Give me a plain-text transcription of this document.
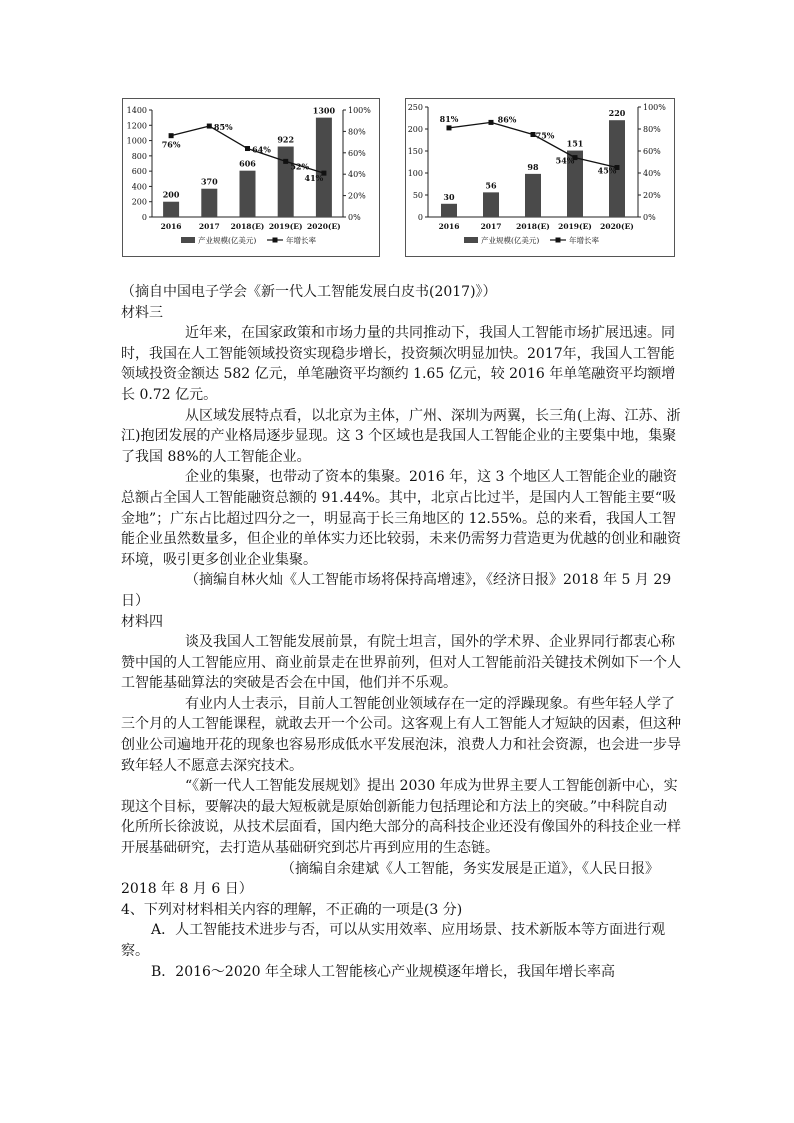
0
200
400
600
800
1000
1200
1400
0%
20%
40%
60%
80%
100%
200
2016
370
2017
606
2018(E)
922
2019(E)
1300
2020(E)
76%
85%
64%
52%
41%
产业规模(亿美元)	年增长率
0
50
100
150
200
250
0%
20%
40%
60%
80%
100%
30
2016
56
2017
98
2018(E)
151
2019(E)
220
2020(E)
81%	86%
75%
54%
45%
产业规模(亿美元)	年增长率

（摘自中国电子学会《新一代人工智能发展白皮书(2017)》）

材料三

近年来，在国家政策和市场力量的共同推动下，我国人工智能市场扩展迅速。同时，我国在人工智能领域投资实现稳步增长，投资频次明显加快。2017年，我国人工智能领域投资金额达 582 亿元，单笔融资平均额约 1.65 亿元，较 2016 年单笔融资平均额增长 0.72 亿元。

从区域发展特点看，以北京为主体，广州、深圳为两翼，长三角(上海、江苏、浙江)抱团发展的产业格局逐步显现。这 3 个区域也是我国人工智能企业的主要集中地，集聚了我国 88%的人工智能企业。

企业的集聚，也带动了资本的集聚。2016 年，这 3 个地区人工智能企业的融资总额占全国人工智能融资总额的 91.44%。其中，北京占比过半，是国内人工智能主要“吸金地”；广东占比超过四分之一，明显高于长三角地区的 12.55%。总的来看，我国人工智能企业虽然数量多，但企业的单体实力还比较弱，未来仍需努力营造更为优越的创业和融资环境，吸引更多创业企业集聚。

（摘编自林火灿《人工智能市场将保持高增速》，《经济日报》2018 年 5 月 29 日）

材料四

谈及我国人工智能发展前景，有院士坦言，国外的学术界、企业界同行都衷心称赞中国的人工智能应用、商业前景走在世界前列，但对人工智能前沿关键技术例如下一个人工智能基础算法的突破是否会在中国，他们并不乐观。

有业内人士表示，目前人工智能创业领域存在一定的浮躁现象。有些年轻人学了三个月的人工智能课程，就敢去开一个公司。这客观上有人工智能人才短缺的因素，但这种创业公司遍地开花的现象也容易形成低水平发展泡沫，浪费人力和社会资源，也会进一步导致年轻人不愿意去深究技术。

“《新一代人工智能发展规划》提出 2030 年成为世界主要人工智能创新中心，实现这个目标，要解决的最大短板就是原始创新能力包括理论和方法上的突破。”中科院自动化所所长徐波说，从技术层面看，国内绝大部分的高科技企业还没有像国外的科技企业一样开展基础研究，去打造从基础研究到芯片再到应用的生态链。

（摘编自余建斌《人工智能，务实发展是正道》，《人民日报》2018 年 8 月 6 日）

4、下列对材料相关内容的理解，不正确的一项是(3 分)

A．人工智能技术进步与否，可以从实用效率、应用场景、技术新版本等方面进行观察。

B．2016～2020 年全球人工智能核心产业规模逐年增长，我国年增长率高
